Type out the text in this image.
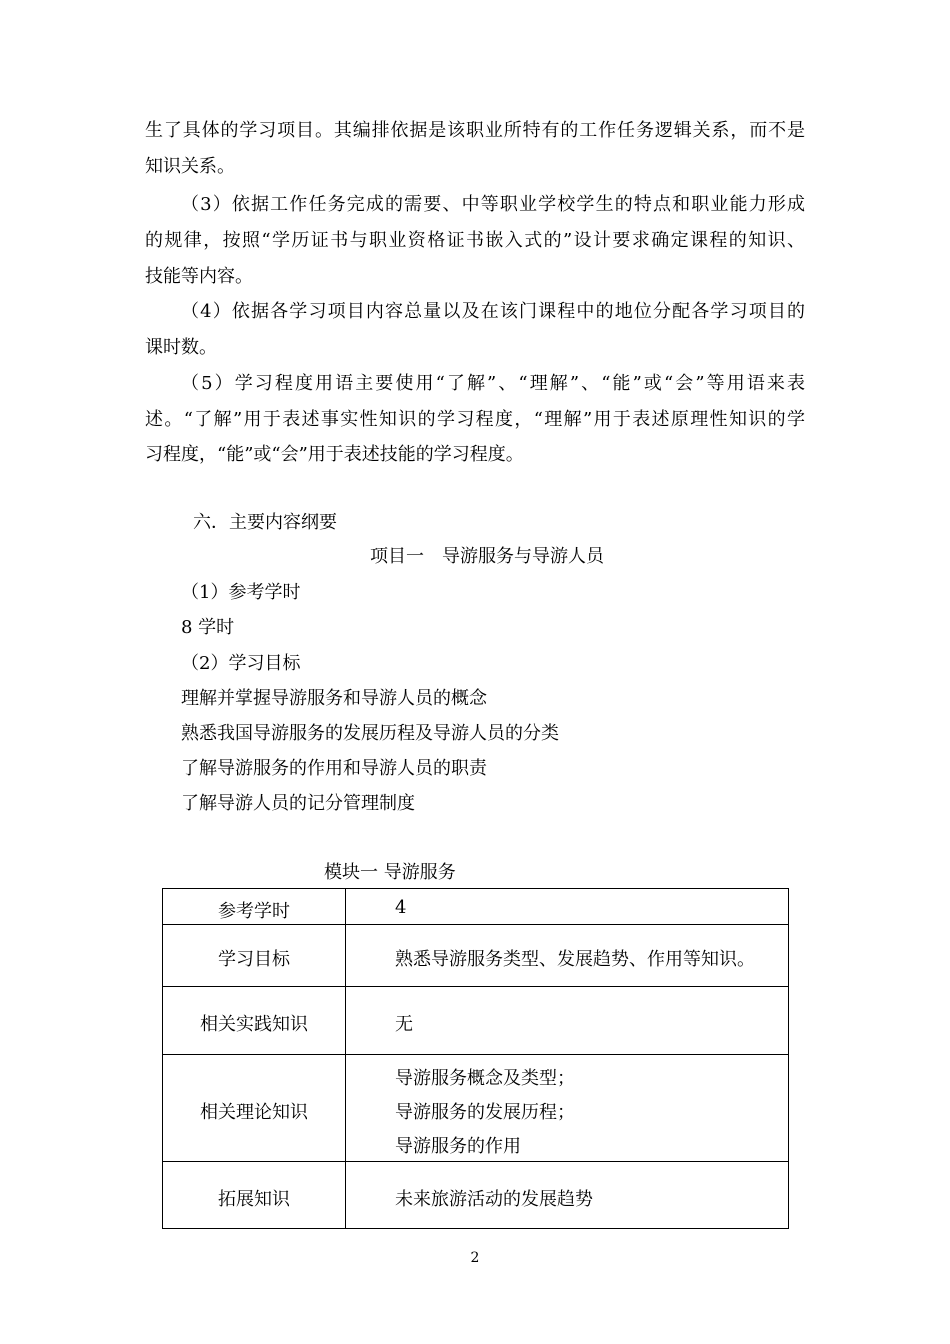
生了具体的学习项目。其编排依据是该职业所特有的工作任务逻辑关系，而不是
知识关系。
（3）依据工作任务完成的需要、中等职业学校学生的特点和职业能力形成
的规律，按照“学历证书与职业资格证书嵌入式的”设计要求确定课程的知识、
技能等内容。
（4）依据各学习项目内容总量以及在该门课程中的地位分配各学习项目的
课时数。
（5）学习程度用语主要使用“了解”、“理解”、“能”或“会”等用语来表
述。“了解”用于表述事实性知识的学习程度，“理解”用于表述原理性知识的学
习程度，“能”或“会”用于表述技能的学习程度。
六．主要内容纲要
项目一　导游服务与导游人员
（1）参考学时
8 学时
（2）学习目标
理解并掌握导游服务和导游人员的概念
熟悉我国导游服务的发展历程及导游人员的分类
了解导游服务的作用和导游人员的职责
了解导游人员的记分管理制度
模块一 导游服务
参考学时	4
学习目标	熟悉导游服务类型、发展趋势、作用等知识。
相关实践知识	无
相关理论知识
导游服务概念及类型；
导游服务的发展历程；
导游服务的作用
拓展知识	未来旅游活动的发展趋势
2
